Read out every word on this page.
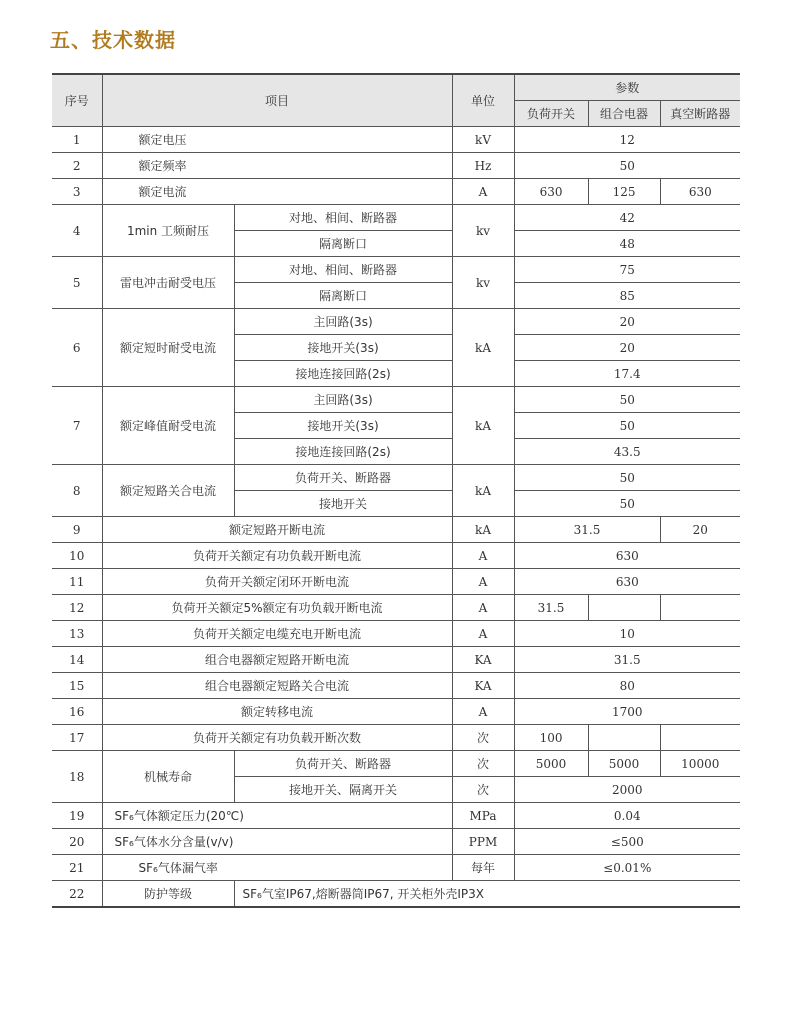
五、技术数据
序号	项目		单位	参数		
				负荷开关	组合电器	真空断路器
1	额定电压		kV	12		
2	额定频率		Hz	50		
3	额定电流		A	630	125	630
4	1min 工频耐压	对地、相间、断路器	kv	42		
		隔离断口		48		
5	雷电冲击耐受电压	对地、相间、断路器	kv	75		
		隔离断口		85		
6	额定短时耐受电流	主回路(3s)	kA	20		
		接地开关(3s)		20		
		接地连接回路(2s)		17.4		
7	额定峰值耐受电流	主回路(3s)	kA	50		
		接地开关(3s)		50		
		接地连接回路(2s)		43.5		
8	额定短路关合电流	负荷开关、断路器	kA	50		
		接地开关		50		
9	额定短路开断电流		kA	31.5		20
10	负荷开关额定有功负载开断电流		A	630		
11	负荷开关额定闭环开断电流		A	630		
12	负荷开关额定5%额定有功负载开断电流		A	31.5		
13	负荷开关额定电缆充电开断电流		A	10		
14	组合电器额定短路开断电流		KA	31.5		
15	组合电器额定短路关合电流		KA	80		
16	额定转移电流		A	1700		
17	负荷开关额定有功负载开断次数		次	100		
18	机械寿命	负荷开关、断路器	次	5000	5000	10000
		接地开关、隔离开关	次	2000		
19	SF₆气体额定压力(20℃)		MPa	0.04		
20	SF₆气体水分含量(v/v)		PPM	≤500		
21	SF₆气体漏气率		每年	≤0.01%		
22	防护等级	SF₆气室IP67,熔断器筒IP67, 开关柜外壳IP3X				
